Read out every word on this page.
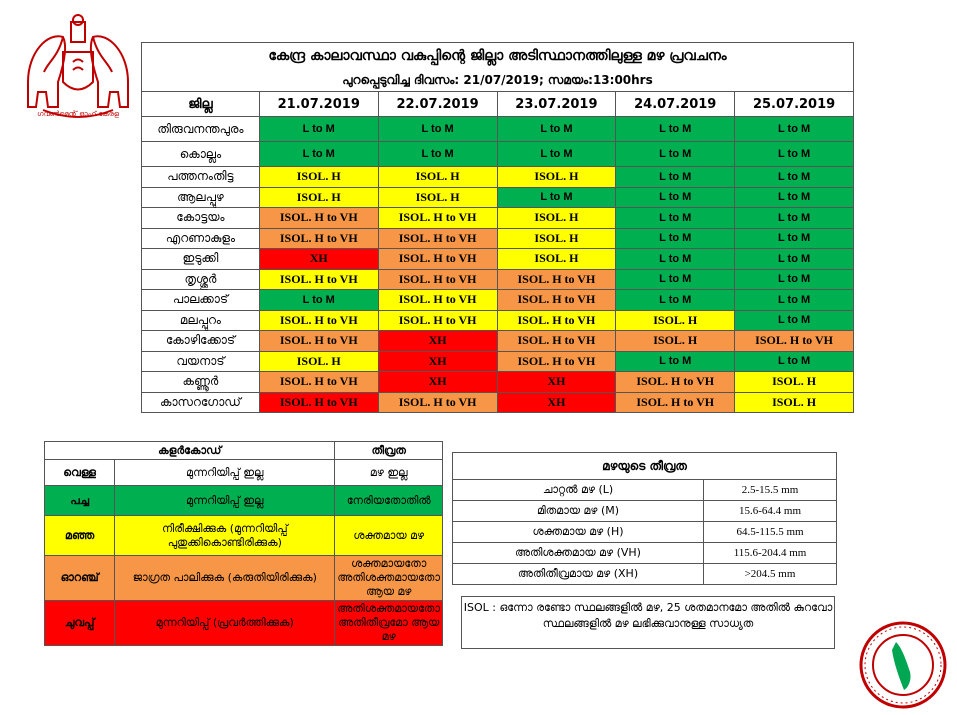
ഗവൺമെന്റ് ഓഫ് കേരള
കേന്ദ്ര കാലാവസ്ഥാ വകുപ്പിന്റെ ജില്ലാ അടിസ്ഥാനത്തിലുള്ള മഴ പ്രവചനം					
പുറപ്പെടുവിച്ച ദിവസം: 21/07/2019; സമയം:13:00hrs					
ജില്ല	21.07.2019	22.07.2019	23.07.2019	24.07.2019	25.07.2019
തിരുവനന്തപുരം	L to M	L to M	L to M	L to M	L to M
കൊല്ലം	L to M	L to M	L to M	L to M	L to M
പത്തനംതിട്ട	ISOL. H	ISOL. H	ISOL. H	L to M	L to M
ആലപ്പുഴ	ISOL. H	ISOL. H	L to M	L to M	L to M
കോട്ടയം	ISOL. H to VH	ISOL. H to VH	ISOL. H	L to M	L to M
എറണാകുളം	ISOL. H to VH	ISOL. H to VH	ISOL. H	L to M	L to M
ഇടുക്കി	XH	ISOL. H to VH	ISOL. H	L to M	L to M
തൃശ്ശൂർ	ISOL. H to VH	ISOL. H to VH	ISOL. H to VH	L to M	L to M
പാലക്കാട്	L to M	ISOL. H to VH	ISOL. H to VH	L to M	L to M
മലപ്പുറം	ISOL. H to VH	ISOL. H to VH	ISOL. H to VH	ISOL. H	L to M
കോഴിക്കോട്	ISOL. H to VH	XH	ISOL. H to VH	ISOL. H	ISOL. H to VH
വയനാട്	ISOL. H	XH	ISOL. H to VH	L to M	L to M
കണ്ണൂർ	ISOL. H to VH	XH	XH	ISOL. H to VH	ISOL. H
കാസറഗോഡ്	ISOL. H to VH	ISOL. H to VH	XH	ISOL. H to VH	ISOL. H
കളർകോഡ്		തീവ്രത
വെള്ള	മുന്നറിയിപ്പ് ഇല്ല	മഴ ഇല്ല
പച്ച	മുന്നറിയിപ്പ് ഇല്ല	നേരിയതോതിൽ
മഞ്ഞ	നിരീക്ഷിക്കുക (മുന്നറിയിപ്പ് പുതുക്കികൊണ്ടിരിക്കുക)	ശക്തമായ മഴ
ഓറഞ്ച്	ജാഗ്രത പാലിക്കുക (കരുതിയിരിക്കുക)	ശക്തമായതോ അതിശക്തമായതോ ആയ മഴ
ചുവപ്പ്	മുന്നറിയിപ്പ് (പ്രവർത്തിക്കുക)	അതിശക്തമായതോ അതിതീവ്രമോ ആയ മഴ
മഴയുടെ തീവ്രത	
ചാറ്റൽ മഴ (L)	2.5-15.5 mm
മിതമായ മഴ (M)	15.6-64.4 mm
ശക്തമായ മഴ (H)	64.5-115.5 mm
അതിശക്തമായ മഴ (VH)	115.6-204.4 mm
അതിതീവ്രമായ മഴ (XH)	>204.5 mm
ISOL : ഒന്നോ രണ്ടോ സ്ഥലങ്ങളിൽ മഴ, 25 ശതമാനമോ അതിൽ കുറവോ സ്ഥലങ്ങളിൽ മഴ ലഭിക്കുവാനുള്ള സാധ്യത
